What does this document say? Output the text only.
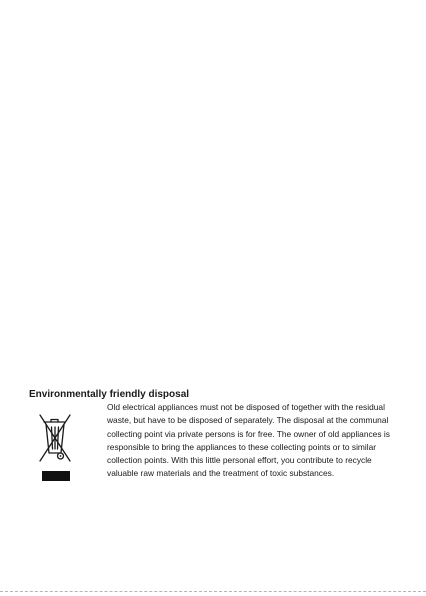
Environmentally friendly disposal

Old electrical appliances must not be disposed of together with the residual
waste, but have to be disposed of separately. The disposal at the communal
collecting point via private persons is for free. The owner of old appliances is
responsible to bring the appliances to these collecting points or to similar
collection points. With this little personal effort, you contribute to recycle
valuable raw materials and the treatment of toxic substances.
